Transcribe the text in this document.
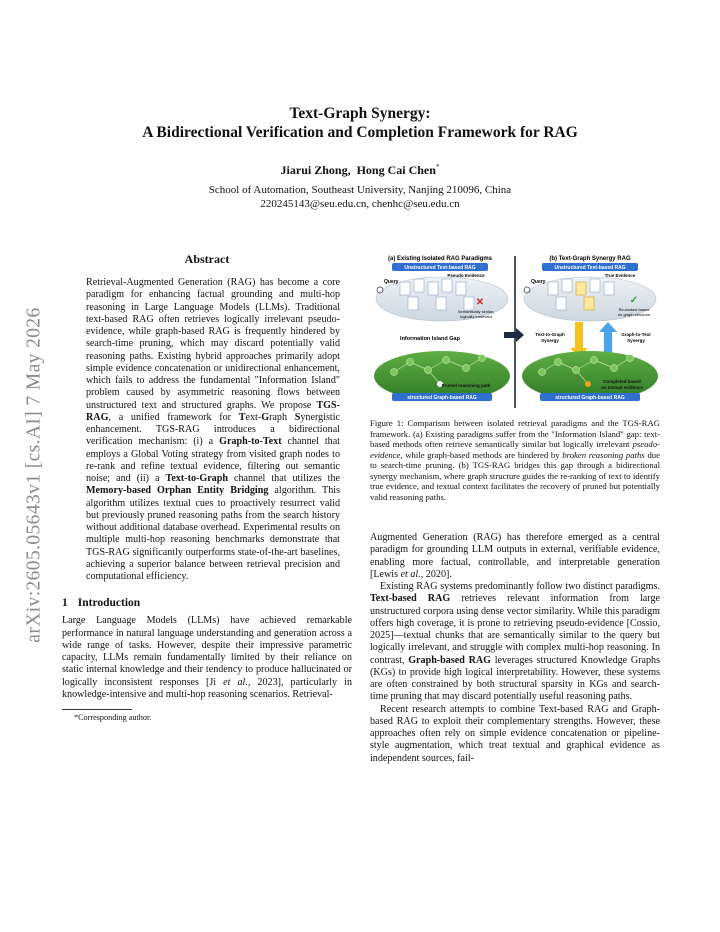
arXiv:2605.05643v1 [cs.AI] 7 May 2026
Text-Graph Synergy:
A Bidirectional Verification and Completion Framework for RAG
Jiarui Zhong, Hong Cai Chen*
School of Automation, Southeast University, Nanjing 210096, China
220245143@seu.edu.cn, chenhc@seu.edu.cn
Abstract
Retrieval-Augmented Generation (RAG) has become a core paradigm for enhancing factual grounding and multi-hop reasoning in Large Language Models (LLMs). Traditional text-based RAG often retrieves logically irrelevant pseudo-evidence, while graph-based RAG is frequently hindered by search-time pruning, which may discard potentially valid reasoning paths. Existing hybrid approaches primarily adopt simple evidence concatenation or unidirectional enhancement, which fails to address the fundamental "Information Island" problem caused by asymmetric reasoning flows between unstructured text and structured graphs. We propose TGS-RAG, a unified framework for Text-Graph Synergistic enhancement. TGS-RAG introduces a bidirectional verification mechanism: (i) a Graph-to-Text channel that employs a Global Voting strategy from visited graph nodes to re-rank and refine textual evidence, filtering out semantic noise; and (ii) a Text-to-Graph channel that utilizes the Memory-based Orphan Entity Bridging algorithm. This algorithm utilizes textual cues to proactively resurrect valid but previously pruned reasoning paths from the search history without additional database overhead. Experimental results on multiple multi-hop reasoning benchmarks demonstrate that TGS-RAG significantly outperforms state-of-the-art baselines, achieving a superior balance between retrieval precision and computational efficiency.
1 Introduction

Large Language Models (LLMs) have achieved remarkable performance in natural language understanding and generation across a wide range of tasks. However, despite their impressive parametric capacity, LLMs remain fundamentally limited by their reliance on static internal knowledge and their tendency to produce hallucinated or logically inconsistent responses [Ji et al., 2023], particularly in knowledge-intensive and multi-hop reasoning scenarios. Retrieval-

*Corresponding author.
(a) Existing Isolated RAG Paradigms
Unstructured Text-based RAG
Query
Pseudo Evidence
✕
Semantically similar,
logically irrelevant
Information Island Gap
Pruned reasoning path
structured Graph-based RAG
(b) Text-Graph Synergy RAG
Unstructured Text-based RAG
Query
True Evidence
✓
Re-ranked based
on graph structure
Text-to-Graph
Synergy
Graph-to-Text
Synergy
Completed based
on textual evidence
structured Graph-based RAG
Figure 1: Comparison between isolated retrieval paradigms and the TGS-RAG framework. (a) Existing paradigms suffer from the "Information Island" gap: text-based methods often retrieve semantically similar but logically irrelevant pseudo-evidence, while graph-based methods are hindered by broken reasoning paths due to search-time pruning. (b) TGS-RAG bridges this gap through a bidirectional synergy mechanism, where graph structure guides the re-ranking of text to identify true evidence, and textual context facilitates the recovery of pruned but potentially valid reasoning paths.

Augmented Generation (RAG) has therefore emerged as a central paradigm for grounding LLM outputs in external, verifiable evidence, enabling more factual, controllable, and interpretable generation [Lewis et al., 2020].

Existing RAG systems predominantly follow two distinct paradigms. Text-based RAG retrieves relevant information from large unstructured corpora using dense vector similarity. While this paradigm offers high coverage, it is prone to retrieving pseudo-evidence [Cossio, 2025]—textual chunks that are semantically similar to the query but logically irrelevant, and struggle with complex multi-hop reasoning. In contrast, Graph-based RAG leverages structured Knowledge Graphs (KGs) to provide high logical interpretability. However, these systems are often constrained by both structural sparsity in KGs and search-time pruning that may discard potentially useful reasoning paths.

Recent research attempts to combine Text-based RAG and Graph-based RAG to exploit their complementary strengths. However, these approaches often rely on simple evidence concatenation or pipeline-style augmentation, which treat textual and graphical evidence as independent sources, fail-
